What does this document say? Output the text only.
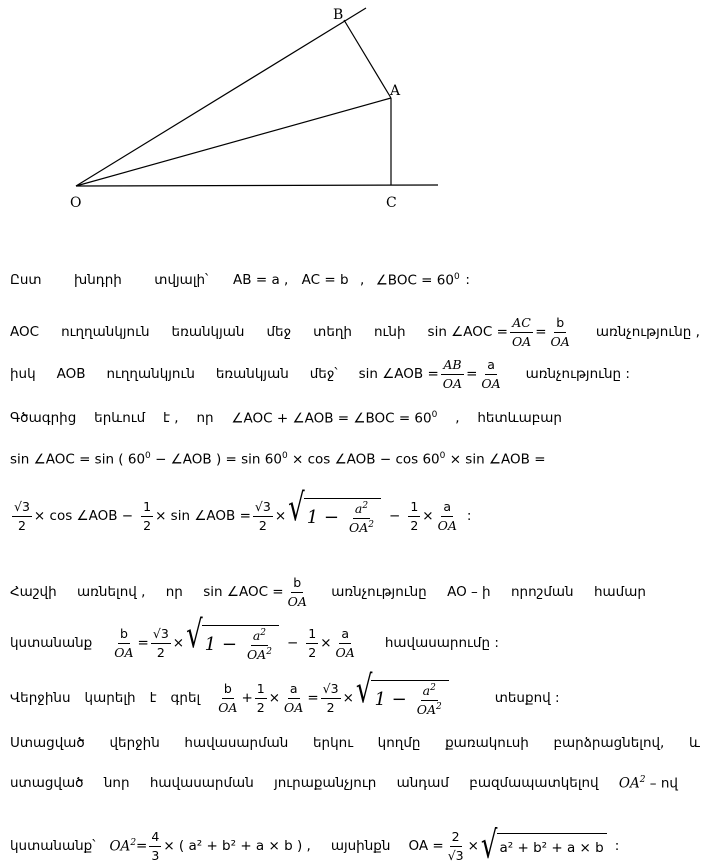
O
A
B
C
Ըստ խնդրի տվյալի՝ AB = a , AC = b , ∠BOC = $60^0$ :
AOC ուղղանկյուն եռանկյան մեջ տեղի ունի sin ∠AOC = $\frac{AC}{OA} = \frac{b}{OA}$ առնչությունը ,
իսկ AOB ուղղանկյուն եռանկյան մեջ՝ sin ∠AOB = $\frac{AB}{OA} = \frac{a}{OA}$ առնչությունը :
Գծագրից երևում է , որ ∠AOC + ∠AOB = ∠BOC = $60^0$ , հետևաբար
sin ∠AOC = sin ( $60^0$ − ∠AOB ) = $\sin 60^0 \times \cos$ ∠AOB − $\cos 60^0 \times \sin$ ∠AOB =
$\frac{√3}{2} \times \cos$ ∠AOB − $\frac{1}{2} \times \sin$ ∠AOB = $\frac{√3}{2}$ × √ $1 - \frac{a^2}{OA^2} - \frac{1}{2} \times \frac{a}{OA}$ :
Հաշվի առնելով , որ sin ∠AOC = $\frac{b}{OA}$ առնչությունը AO – ի որոշման համար
կստանանք $\frac{b}{OA} = \frac{√3}{2}$ × √ $1 - \frac{a^2}{OA^2} - \frac{1}{2} \times \frac{a}{OA}$ հավասարումը :
Վերջինս կարելի է գրել $\frac{b}{OA} + \frac{1}{2} \times \frac{a}{OA} = \frac{√3}{2}$ × √ $1 - \frac{a^2}{OA^2}$	տեսքով :
Ստացված վերջին հավասարման երկու կողմը քառակուսի բարձրացնելով, և
ստացված նոր հավասարման յուրաքանչյուր անդամ բազմապատկելով $OA^2$ – ով
կստանանք՝ $OA^2 = \frac{4}{3}$ × ( a² + b² + a × b ) , այսինքն OA = $\frac{2}{√3}$ × √ a² + b² + a × b :
